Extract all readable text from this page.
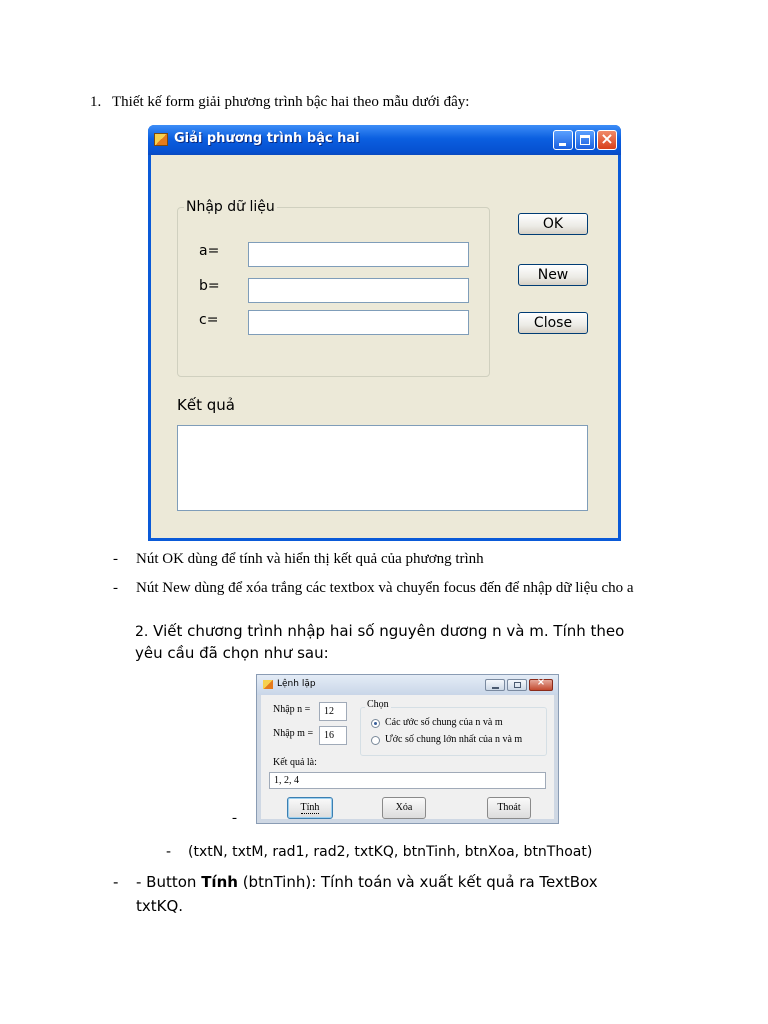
1. Thiết kế form giải phương trình bậc hai theo mẫu dưới đây:
Giải phương trình bậc hai	×
Nhập dữ liệu
a=
b=
c=
OK
New
Close
Kết quả
- Nút OK dùng để tính và hiển thị kết quả của phương trình
- Nút New dùng để xóa trắng các textbox và chuyển focus đến để nhập dữ liệu cho a
2. Viết chương trình nhập hai số nguyên dương n và m. Tính theo
yêu cầu đã chọn như sau:
Lệnh lặp	×
Nhập n =	12
Nhập m =	16
Chọn
Các ước số chung của n và m
Ước số chung lớn nhất của n và m
Kết quả là:
1, 2, 4
Tính	Xóa	Thoát
-
- (txtN, txtM, rad1, rad2, txtKQ, btnTinh, btnXoa, btnThoat)
- - Button Tính (btnTinh): Tính toán và xuất kết quả ra TextBox
txtKQ.
